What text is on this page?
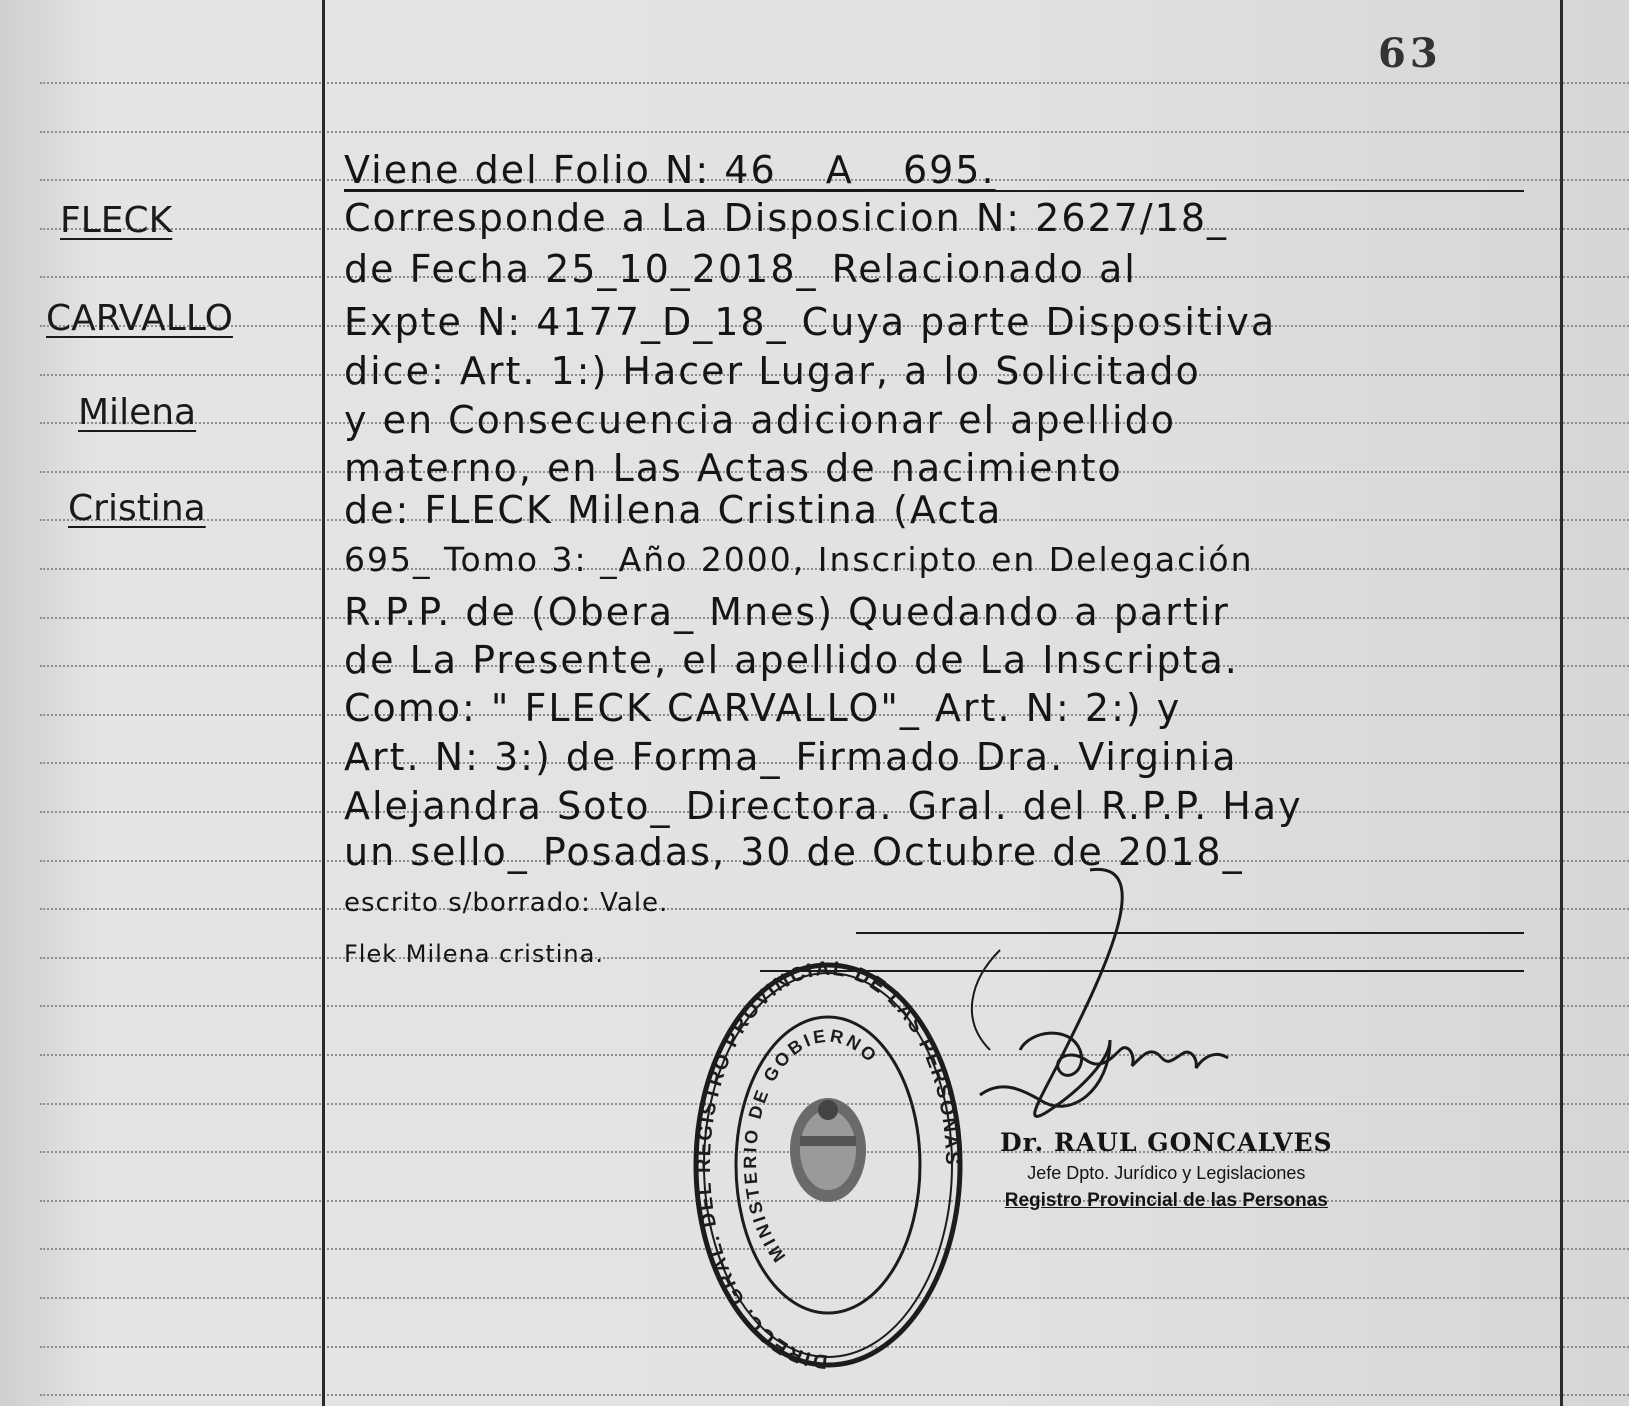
63
FLECK
CARVALLO
Milena
Cristina
Viene del Folio N: 46 _ A _ 695.
Corresponde a La Disposicion N: 2627/18_
de Fecha 25_10_2018_ Relacionado al
Expte N: 4177_D_18_ Cuya parte Dispositiva
dice: Art. 1:) Hacer Lugar, a lo Solicitado
y en Consecuencia adicionar el apellido
materno, en Las Actas de nacimiento
de: FLECK Milena Cristina (Acta
695_ Tomo 3: _Año 2000, Inscripto en Delegación
R.P.P. de (Obera_ Mnes) Quedando a partir
de La Presente, el apellido de La Inscripta.
Como: " FLECK CARVALLO"_ Art. N: 2:) y
Art. N: 3:) de Forma_ Firmado Dra. Virginia
Alejandra Soto_ Directora. Gral. del R.P.P. Hay
un sello_ Posadas, 30 de Octubre de 2018_
escrito s/borrado: Vale.
Flek Milena cristina.
DIRECC. GRAL. DEL REGISTRO PROVINCIAL DE LAS PERSONAS
MINISTERIO DE GOBIERNO
Dr. RAUL GONCALVES
Jefe Dpto. Jurídico y Legislaciones
Registro Provincial de las Personas
